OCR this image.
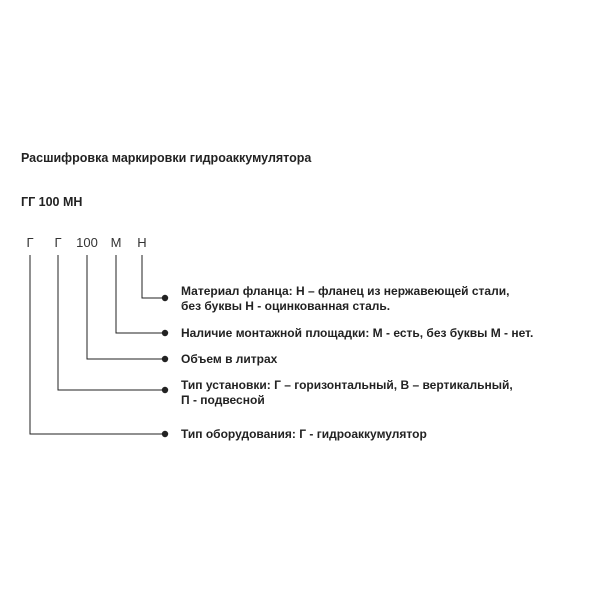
Расшифровка маркировки гидроаккумулятора
ГГ 100 МН
Г Г 100 М Н
Материал фланца: Н – фланец из нержавеющей стали,
без буквы Н - оцинкованная сталь.
Наличие монтажной площадки: М - есть, без буквы М - нет.
Объем в литрах
Тип установки: Г – горизонтальный, В – вертикальный,
П - подвесной
Тип оборудования: Г - гидроаккумулятор
